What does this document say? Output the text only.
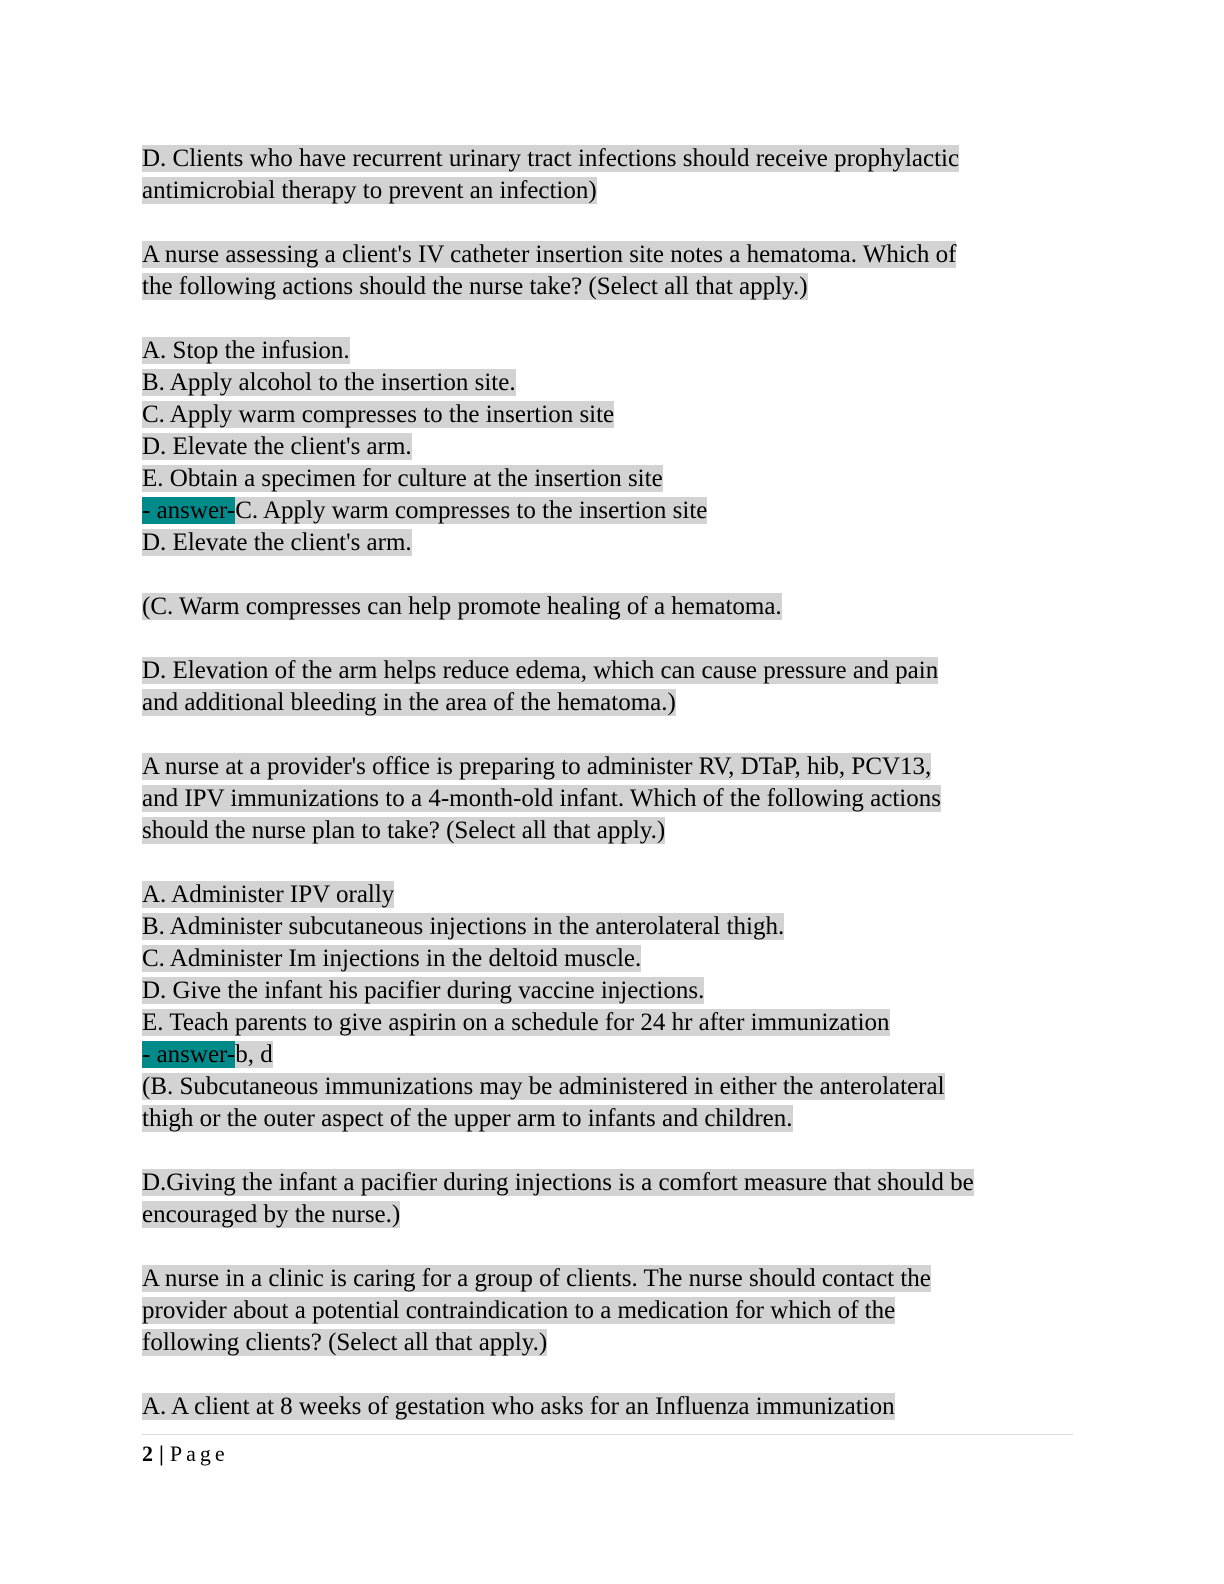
D. Clients who have recurrent urinary tract infections should receive prophylactic
antimicrobial therapy to prevent an infection)
A nurse assessing a client's IV catheter insertion site notes a hematoma. Which of
the following actions should the nurse take? (Select all that apply.)
A. Stop the infusion.
B. Apply alcohol to the insertion site.
C. Apply warm compresses to the insertion site
D. Elevate the client's arm.
E. Obtain a specimen for culture at the insertion site
- answer-C. Apply warm compresses to the insertion site
D. Elevate the client's arm.
(C. Warm compresses can help promote healing of a hematoma.
D. Elevation of the arm helps reduce edema, which can cause pressure and pain
and additional bleeding in the area of the hematoma.)
A nurse at a provider's office is preparing to administer RV, DTaP, hib, PCV13,
and IPV immunizations to a 4-month-old infant. Which of the following actions
should the nurse plan to take? (Select all that apply.)
A. Administer IPV orally
B. Administer subcutaneous injections in the anterolateral thigh.
C. Administer Im injections in the deltoid muscle.
D. Give the infant his pacifier during vaccine injections.
E. Teach parents to give aspirin on a schedule for 24 hr after immunization
- answer-b, d
(B. Subcutaneous immunizations may be administered in either the anterolateral
thigh or the outer aspect of the upper arm to infants and children.
D.Giving the infant a pacifier during injections is a comfort measure that should be
encouraged by the nurse.)
A nurse in a clinic is caring for a group of clients. The nurse should contact the
provider about a potential contraindication to a medication for which of the
following clients? (Select all that apply.)
A. A client at 8 weeks of gestation who asks for an Influenza immunization
2 | Page
